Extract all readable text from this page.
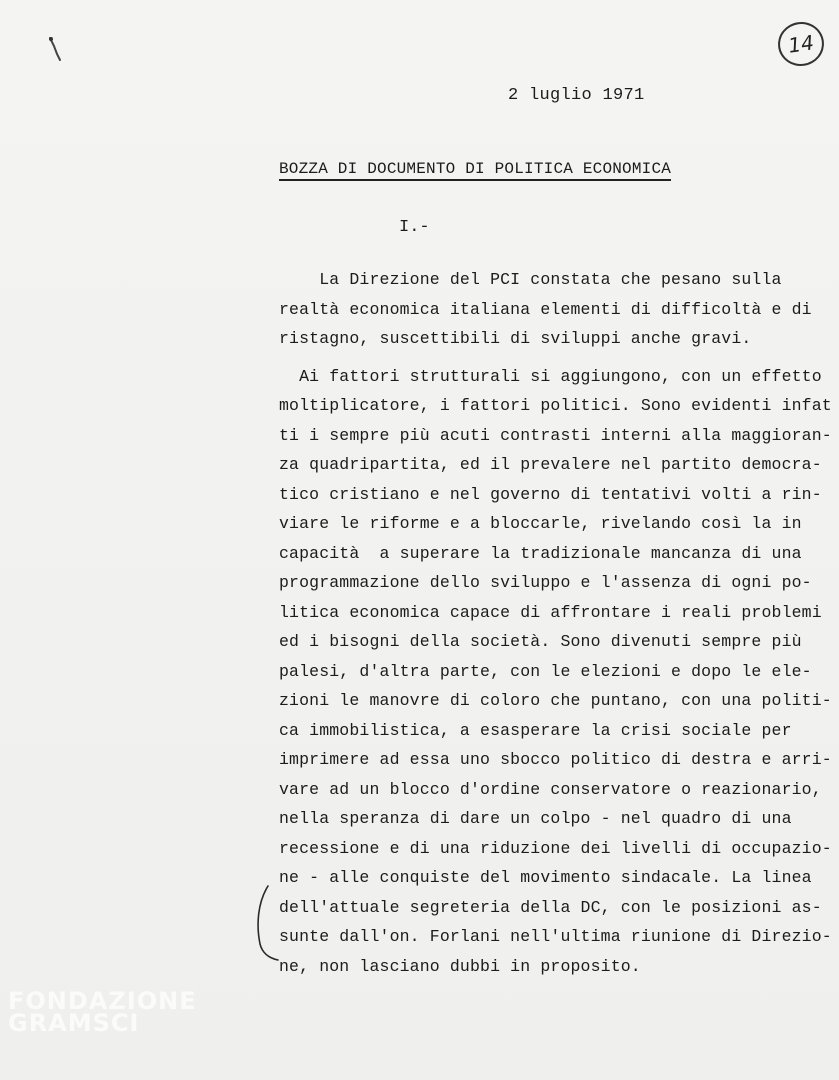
14
2 luglio 1971
BOZZA DI DOCUMENTO DI POLITICA ECONOMICA
I.-
La Direzione del PCI constata che pesano sulla
realtà economica italiana elementi di difficoltà e di
ristagno, suscettibili di sviluppi anche gravi.
Ai fattori strutturali si aggiungono, con un effetto
moltiplicatore, i fattori politici. Sono evidenti infat
ti i sempre più acuti contrasti interni alla maggioran-
za quadripartita, ed il prevalere nel partito democra-
tico cristiano e nel governo di tentativi volti a rin-
viare le riforme e a bloccarle, rivelando così la in
capacità  a superare la tradizionale mancanza di una
programmazione dello sviluppo e l'assenza di ogni po-
litica economica capace di affrontare i reali problemi
ed i bisogni della società. Sono divenuti sempre più
palesi, d'altra parte, con le elezioni e dopo le ele-
zioni le manovre di coloro che puntano, con una politi-
ca immobilistica, a esasperare la crisi sociale per
imprimere ad essa uno sbocco politico di destra e arri-
vare ad un blocco d'ordine conservatore o reazionario,
nella speranza di dare un colpo - nel quadro di una
recessione e di una riduzione dei livelli di occupazio-
ne - alle conquiste del movimento sindacale. La linea
dell'attuale segreteria della DC, con le posizioni as-
sunte dall'on. Forlani nell'ultima riunione di Direzio-
ne, non lasciano dubbi in proposito.
FONDAZIONE
GRAMSCI
